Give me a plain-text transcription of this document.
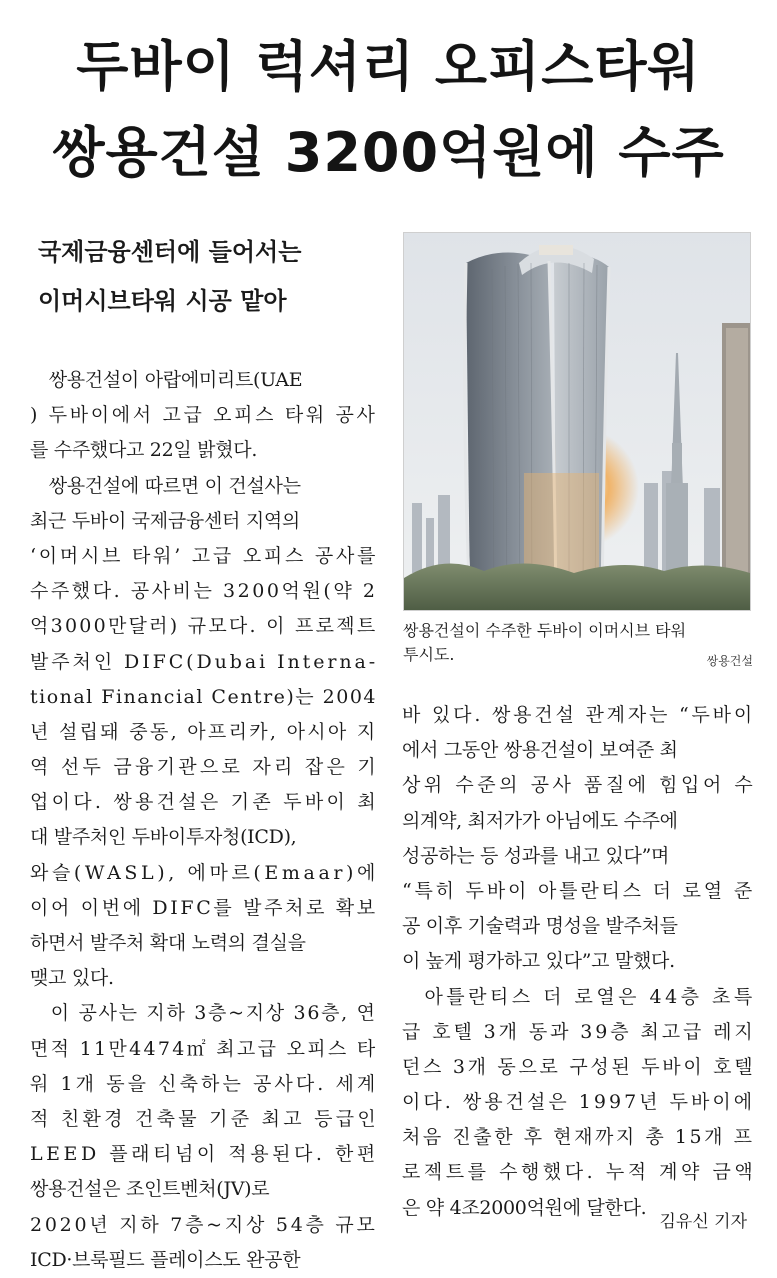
두바이 럭셔리 오피스타워
쌍용건설 3200억원에 수주
국제금융센터에 들어서는
이머시브타워 시공 맡아
　쌍용건설이 아랍에미리트(UAE
) 두바이에서 고급 오피스 타워 공사
를 수주했다고 22일 밝혔다.
　쌍용건설에 따르면 이 건설사는
최근 두바이 국제금융센터 지역의
‘이머시브 타워’ 고급 오피스 공사를
수주했다. 공사비는 3200억원(약 2
억3000만달러) 규모다. 이 프로젝트
발주처인 DIFC(Dubai Interna-
tional Financial Centre)는 2004
년 설립돼 중동, 아프리카, 아시아 지
역 선두 금융기관으로 자리 잡은 기
업이다. 쌍용건설은 기존 두바이 최
대 발주처인 두바이투자청(ICD),
와슬(WASL), 에마르(Emaar)에
이어 이번에 DIFC를 발주처로 확보
하면서 발주처 확대 노력의 결실을
맺고 있다.
　이 공사는 지하 3층~지상 36층, 연
면적 11만4474㎡ 최고급 오피스 타
워 1개 동을 신축하는 공사다. 세계
적 친환경 건축물 기준 최고 등급인
LEED 플래티넘이 적용된다. 한편
쌍용건설은 조인트벤처(JV)로
2020년 지하 7층~지상 54층 규모
ICD·브룩필드 플레이스도 완공한
쌍용건설이 수주한 두바이 이머시브 타워
투시도.	쌍용건설
바 있다. 쌍용건설 관계자는 “두바이
에서 그동안 쌍용건설이 보여준 최
상위 수준의 공사 품질에 힘입어 수
의계약, 최저가가 아님에도 수주에
성공하는 등 성과를 내고 있다”며
“특히 두바이 아틀란티스 더 로열 준
공 이후 기술력과 명성을 발주처들
이 높게 평가하고 있다”고 말했다.
　아틀란티스 더 로열은 44층 초특
급 호텔 3개 동과 39층 최고급 레지
던스 3개 동으로 구성된 두바이 호텔
이다. 쌍용건설은 1997년 두바이에
처음 진출한 후 현재까지 총 15개 프
로젝트를 수행했다. 누적 계약 금액
은 약 4조2000억원에 달한다.
김유신 기자
